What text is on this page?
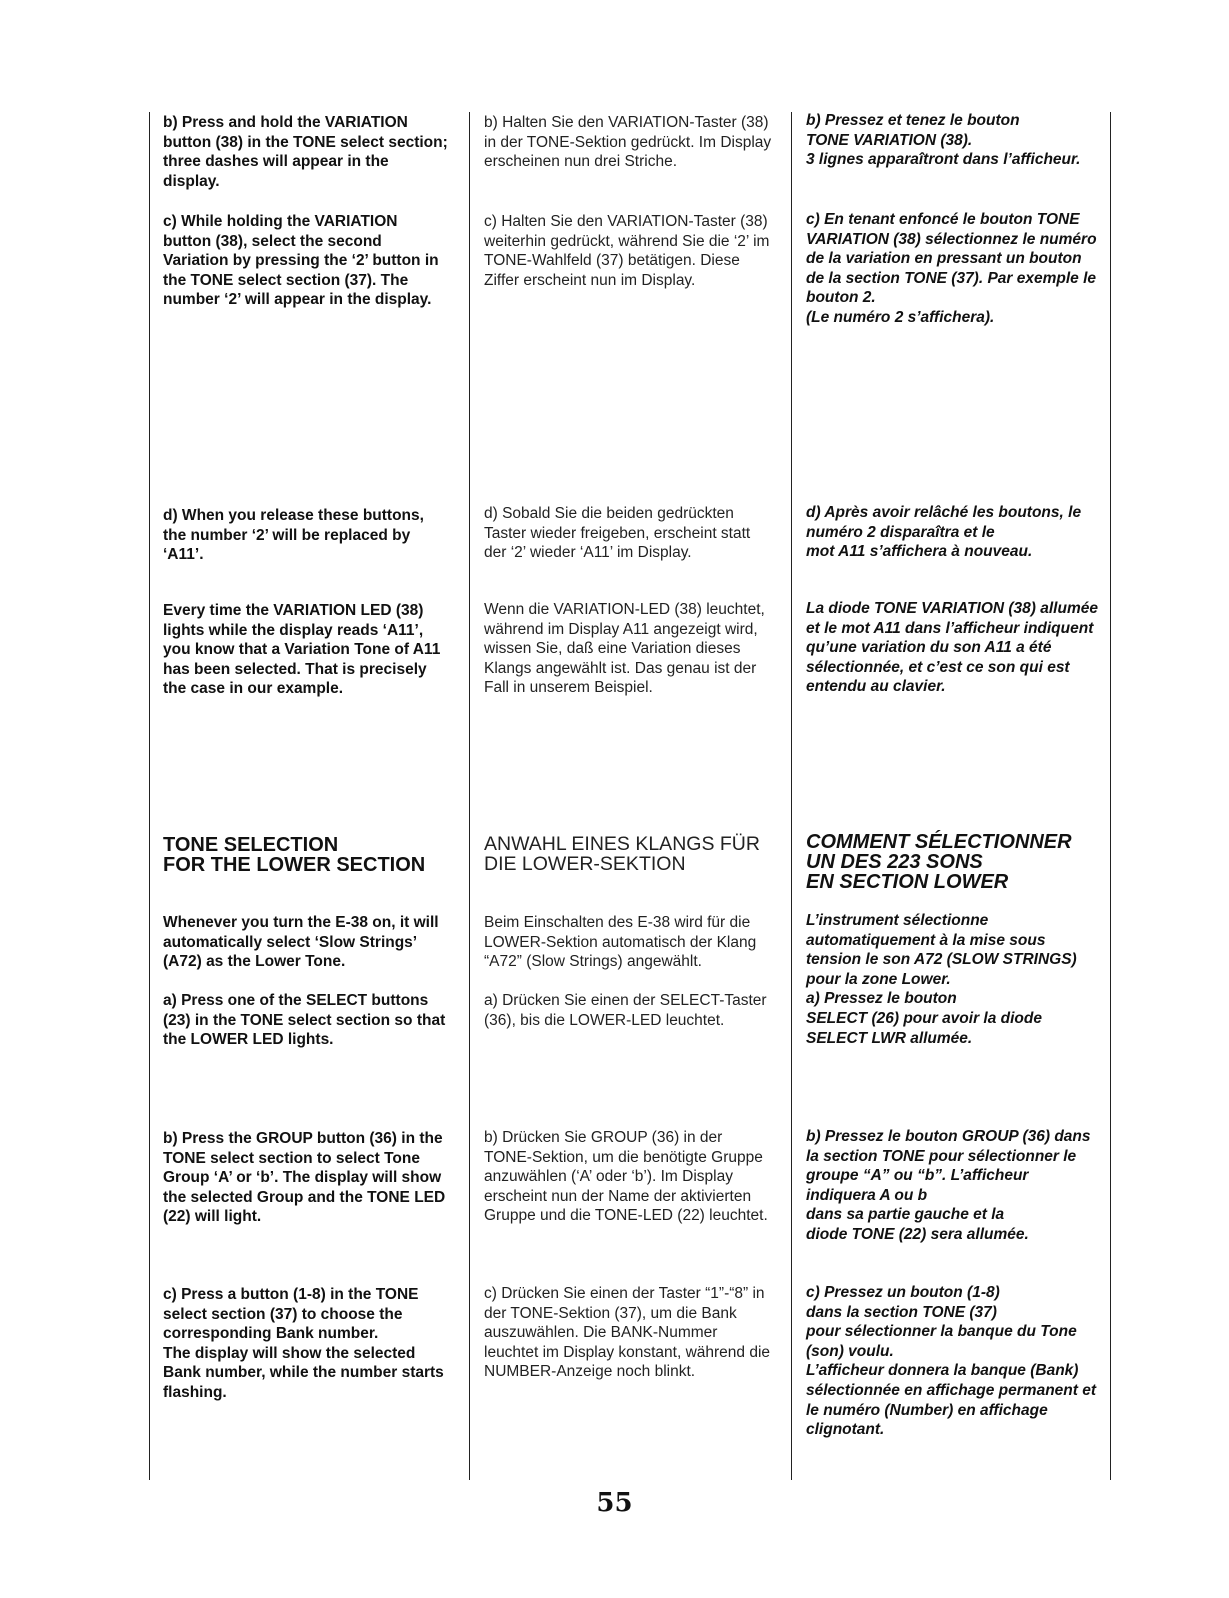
b) Press and hold the VARIATION button (38) in the TONE select section; three dashes will appear in the display.

c) While holding the VARIATION button (38), select the second Variation by pressing the ‘2’ button in the TONE select section (37). The number ‘2’ will appear in the display.

d) When you release these buttons, the number ‘2’ will be replaced by ‘A11’.

Every time the VARIATION LED (38) lights while the display reads ‘A11’, you know that a Variation Tone of A11 has been selected. That is precisely the case in our example.

TONE SELECTION
FOR THE LOWER SECTION

Whenever you turn the E-38 on, it will automatically select ‘Slow Strings’ (A72) as the Lower Tone.

a) Press one of the SELECT buttons (23) in the TONE select section so that the LOWER LED lights.

b) Press the GROUP button (36) in the TONE select section to select Tone Group ‘A’ or ‘b’. The display will show the selected Group and the TONE LED (22) will light.

c) Press a button (1-8) in the TONE select section (37) to choose the corresponding Bank number.
The display will show the selected Bank number, while the number starts flashing.

b) Halten Sie den VARIATION-Taster (38) in der TONE-Sektion gedrückt. Im Display erscheinen nun drei Striche.

c) Halten Sie den VARIATION-Taster (38) weiterhin gedrückt, während Sie die ‘2’ im TONE-Wahlfeld (37) betätigen. Diese Ziffer erscheint nun im Display.

d) Sobald Sie die beiden gedrückten Taster wieder freigeben, erscheint statt der ‘2’ wieder ‘A11’ im Display.

Wenn die VARIATION-LED (38) leuchtet, während im Display A11 angezeigt wird, wissen Sie, daß eine Variation dieses Klangs angewählt ist. Das genau ist der Fall in unserem Beispiel.

ANWAHL EINES KLANGS FÜR
DIE LOWER-SEKTION

Beim Einschalten des E-38 wird für die LOWER-Sektion automatisch der Klang “A72” (Slow Strings) angewählt.

a) Drücken Sie einen der SELECT-Taster (36), bis die LOWER-LED leuchtet.

b) Drücken Sie GROUP (36) in der TONE-Sektion, um die benötigte Gruppe anzuwählen (‘A’ oder ‘b’). Im Display erscheint nun der Name der aktivierten Gruppe und die TONE-LED (22) leuchtet.

c) Drücken Sie einen der Taster “1”-“8” in der TONE-Sektion (37), um die Bank auszuwählen. Die BANK-Nummer leuchtet im Display konstant, während die NUMBER-Anzeige noch blinkt.

b) Pressez et tenez le bouton
TONE VARIATION (38).
3 lignes apparaîtront dans l’afficheur.

c) En tenant enfoncé le bouton TONE VARIATION (38) sélectionnez le numéro de la variation en pressant un bouton de la section TONE (37). Par exemple le bouton 2.
(Le numéro 2 s’affichera).

d) Après avoir relâché les boutons, le numéro 2 disparaîtra et le
mot A11 s’affichera à nouveau.

La diode TONE VARIATION (38) allumée et le mot A11 dans l’afficheur indiquent qu’une variation du son A11 a été sélectionnée, et c’est ce son qui est entendu au clavier.

COMMENT SÉLECTIONNER
UN DES 223 SONS
EN SECTION LOWER

L’instrument sélectionne automatiquement à la mise sous tension le son A72 (SLOW STRINGS) pour la zone Lower.
a) Pressez le bouton
SELECT (26) pour avoir la diode SELECT LWR allumée.

b) Pressez le bouton GROUP (36) dans la section TONE pour sélectionner le groupe “A” ou “b”. L’afficheur indiquera A ou b
dans sa partie gauche et la
diode TONE (22) sera allumée.

c) Pressez un bouton (1-8)
dans la section TONE (37)
pour sélectionner la banque du Tone (son) voulu.
L’afficheur donnera la banque (Bank) sélectionnée en affichage permanent et le numéro (Number) en affichage clignotant.

55
